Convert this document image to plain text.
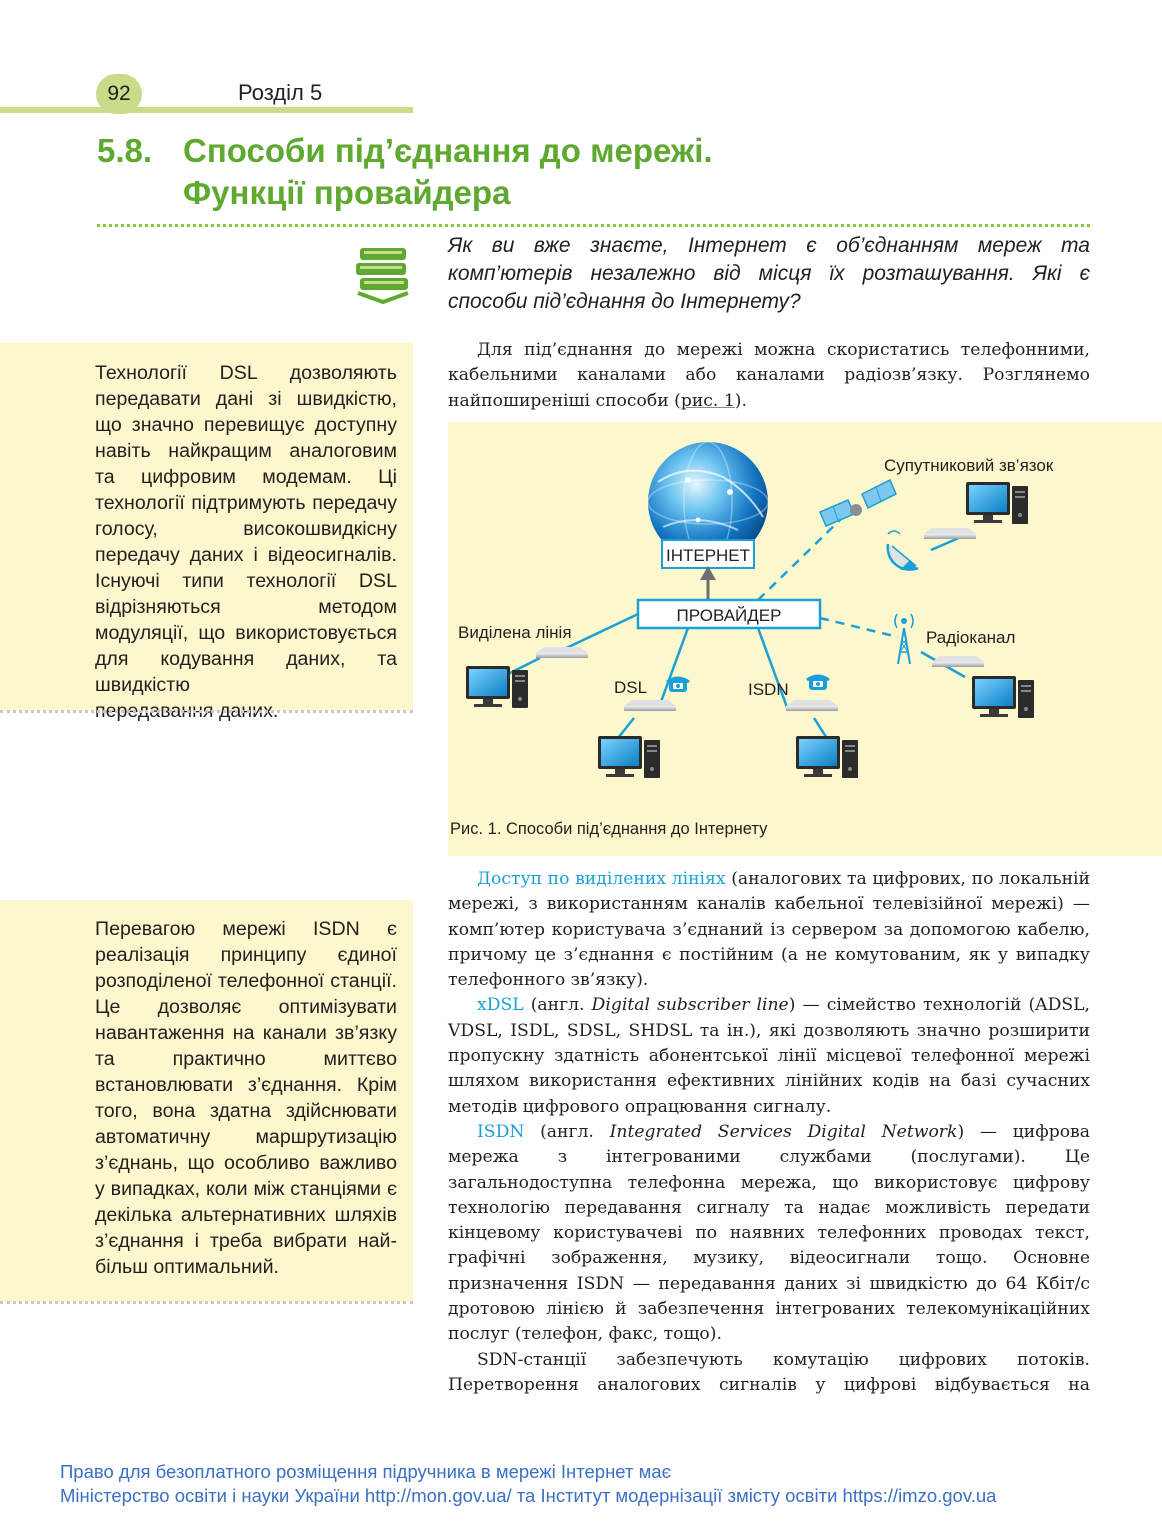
92	Розділ 5
5.8. Способи під’єднання до мережі.
Функції провайдера
Як ви вже знаєте, Інтернет є об’єднанням мереж та комп’ютерів незалежно від місця їх розташування. Які є способи під’єднання до Інтернету?
Технології DSL дозволяють передавати дані зі швидкістю, що значно перевищує доступну навіть найкращим аналоговим та цифровим модемам. Ці технології підтримують передачу голосу, високошвидкісну передачу даних і відеосигналів. Існуючі типи технології DSL відрізняються методом модуляції, що використовується для кодування даних, та швидкістю
передавання даних.
Перевагою мережі ISDN є реалізація принципу єдиної розподіленої телефонної станції. Це дозволяє оптимізувати навантаження на канали зв’язку та практично миттєво встановлювати з’єднання. Крім того, вона здатна здійснювати автоматичну маршрутизацію з’єднань, що особливо важливо у випадках, коли між станціями є декілька альтернативних шляхів з’єднання і треба вибрати най-
більш оптимальний.

Для під’єднання до мережі можна скористатись телефонними, кабельними каналами або каналами радіозв’язку. Розглянемо найпоширеніші способи (рис. 1).

ІНТЕРНЕТ
ПРОВАЙДЕР
Супутниковий зв’язок
Радіоканал
Виділена лінія
DSL	ISDN
Рис. 1. Способи під’єднання до Інтернету

Доступ по виділених лініях (аналогових та цифрових, по локальній мережі, з використанням каналів кабельної телевізійної мережі) — комп’ютер користувача з’єднаний із сервером за допомогою кабелю, причому це з’єднання є постійним (а не комутованим, як у випадку телефонного зв’язку).

xDSL (англ. Digital subscriber line) — сімейство технологій (ADSL, VDSL, ISDL, SDSL, SHDSL та ін.), які дозволяють значно розширити пропускну здатність абонентської лінії місцевої телефонної мережі шляхом використання ефективних лінійних кодів на базі сучасних методів цифрового опрацювання сигналу.

ISDN (англ. Integrated Services Digital Network) — цифрова мережа з інтегрованими службами (послугами). Це загальнодоступна телефонна мережа, що використовує цифрову технологію передавання сигналу та надає можливість передати кінцевому користувачеві по наявних телефонних проводах текст, графічні зображення, музику, відеосигнали тощо. Основне призначення ISDN — передавання даних зі швидкістю до 64 Кбіт/с дротовою лінією й забезпечення інтегрованих телекомунікаційних послуг (телефон, факс, тощо).

SDN-станції забезпечують комутацію цифрових потоків. Перетворення аналогових сигналів у цифрові відбувається на

Право для безоплатного розміщення підручника в мережі Інтернет має
Міністерство освіти і науки України http://mon.gov.ua/ та Інститут модернізації змісту освіти https://imzo.gov.ua
